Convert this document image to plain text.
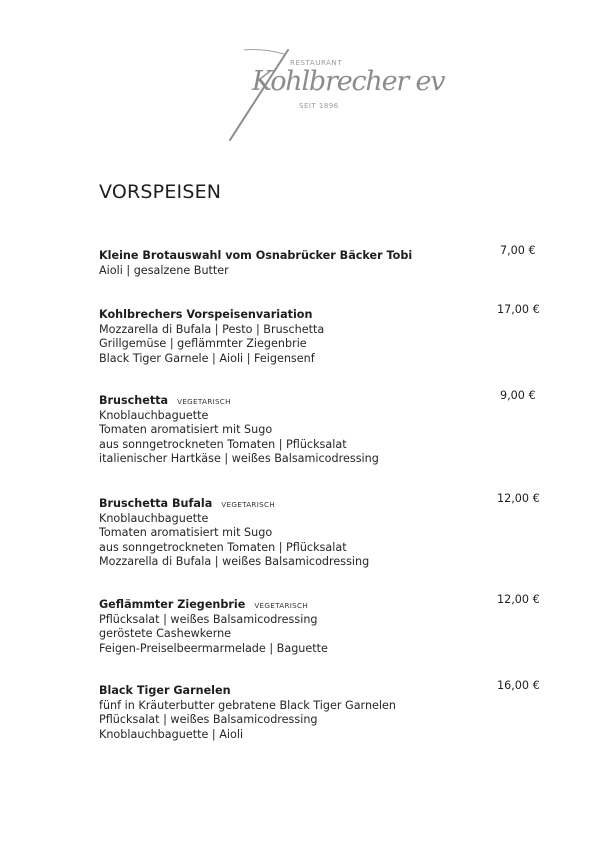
RESTAURANT
Kohlbrecher ev
SEIT 1896
VORSPEISEN
Kleine Brotauswahl vom Osnabrücker Bäcker Tobi	7,00 €
Aioli | gesalzene Butter
Kohlbrechers Vorspeisenvariation	17,00 €
Mozzarella di Bufala | Pesto | Bruschetta
Grillgemüse | geflämmter Ziegenbrie
Black Tiger Garnele | Aioli | Feigensenf
Bruschetta VEGETARISCH	9,00 €
Knoblauchbaguette
Tomaten aromatisiert mit Sugo
aus sonngetrockneten Tomaten | Pflücksalat
italienischer Hartkäse | weißes Balsamicodressing
Bruschetta Bufala VEGETARISCH	12,00 €
Knoblauchbaguette
Tomaten aromatisiert mit Sugo
aus sonngetrockneten Tomaten | Pflücksalat
Mozzarella di Bufala | weißes Balsamicodressing
Geflämmter Ziegenbrie VEGETARISCH	12,00 €
Pflücksalat | weißes Balsamicodressing
geröstete Cashewkerne
Feigen-Preiselbeermarmelade | Baguette
Black Tiger Garnelen	16,00 €
fünf in Kräuterbutter gebratene Black Tiger Garnelen
Pflücksalat | weißes Balsamicodressing
Knoblauchbaguette | Aioli
